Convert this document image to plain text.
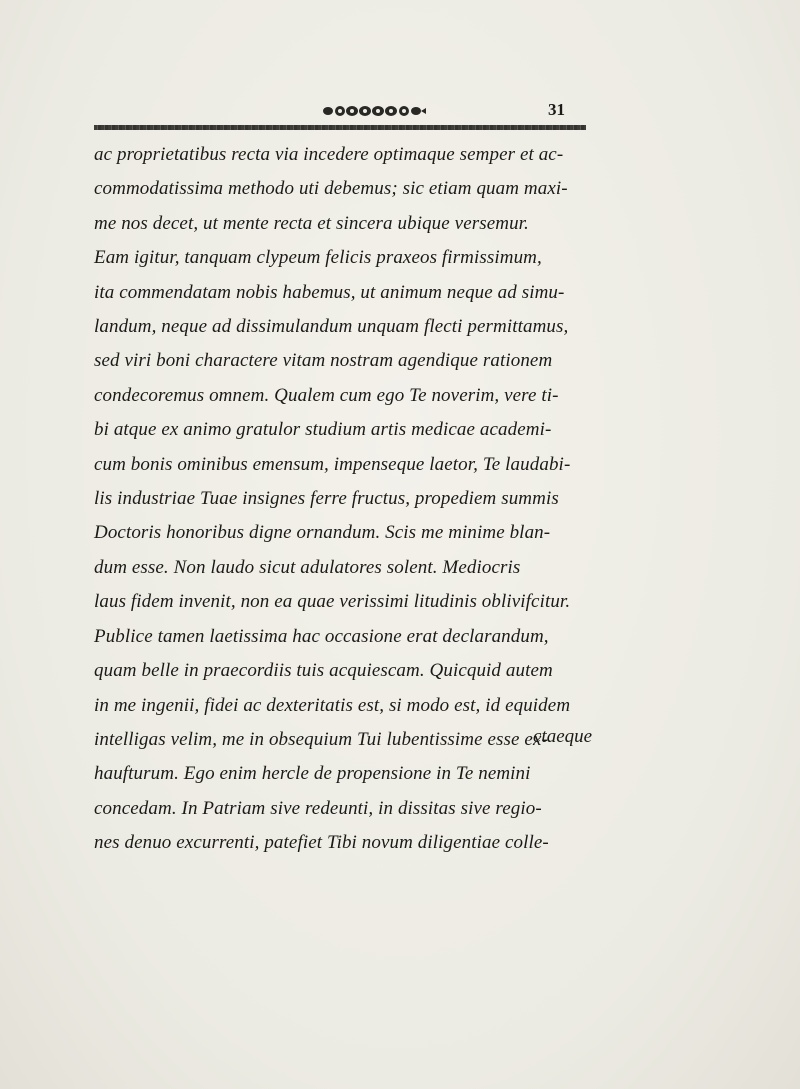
31
ac proprietatibus recta via incedere optimaque semper et ac-
commodatissima methodo uti debemus; sic etiam quam maxi-
me nos decet, ut mente recta et sincera ubique versemur.
Eam igitur, tanquam clypeum felicis praxeos firmissimum,
ita commendatam nobis habemus, ut animum neque ad simu-
landum, neque ad dissimulandum unquam flecti permittamus,
sed viri boni charactere vitam nostram agendique rationem
condecoremus omnem. Qualem cum ego Te noverim, vere ti-
bi atque ex animo gratulor studium artis medicae academi-
cum bonis ominibus emensum, impenseque laetor, Te laudabi-
lis industriae Tuae insignes ferre fructus, propediem summis
Doctoris honoribus digne ornandum. Scis me minime blan-
dum esse. Non laudo sicut adulatores solent. Mediocris
laus fidem invenit, non ea quae verissimi litudinis oblivifcitur.
Publice tamen laetissima hac occasione erat declarandum,
quam belle in praecordiis tuis acquiescam. Quicquid autem
in me ingenii, fidei ac dexteritatis est, si modo est, id equidem
intelligas velim, me in obsequium Tui lubentissime esse ex-
haufturum. Ego enim hercle de propensione in Te nemini
concedam. In Patriam sive redeunti, in dissitas sive regio-
nes denuo excurrenti, patefiet Tibi novum diligentiae colle-
ctaeque
